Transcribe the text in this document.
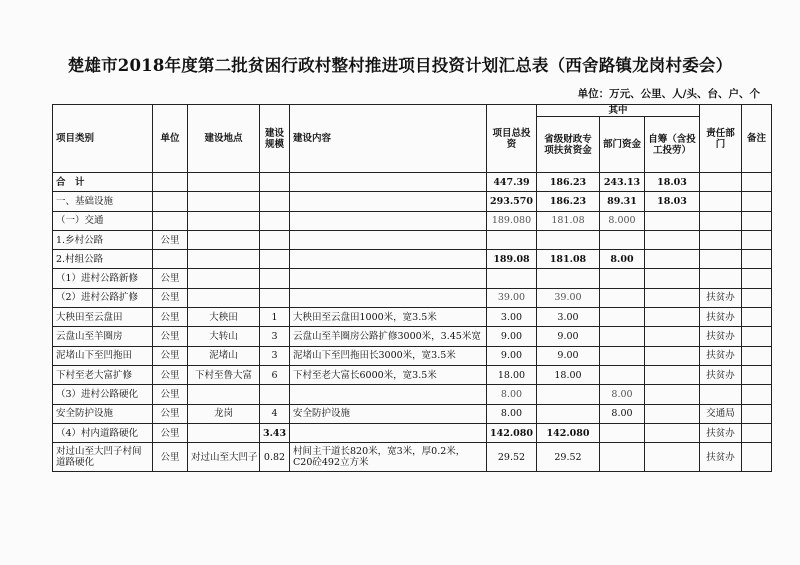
楚雄市2018年度第二批贫困行政村整村推进项目投资计划汇总表（西舍路镇龙岗村委会）
单位：万元、公里、人/头、台、户、个
项目类别	单位	建设地点	建设规模	建设内容	项目总投资	其中			责任部门	备注
						省级财政专项扶贫资金	部门资金	自筹（含投工投劳）		
合　计					447.39	186.23	243.13	18.03		
一、基础设施					293.570	186.23	89.31	18.03		
（一）交通					189.080	181.08	8.000			
1.乡村公路	公里									
2.村组公路					189.08	181.08	8.00			
（1）进村公路新修	公里									
（2）进村公路扩修	公里				39.00	39.00			扶贫办	
大秧田至云盘田	公里	大秧田	1	大秧田至云盘田1000米，宽3.5米	3.00	3.00			扶贫办	
云盘山至羊圈房	公里	大转山	3	云盘山至羊圈房公路扩修3000米，3.45米宽	9.00	9.00			扶贫办	
泥堵山下至凹拖田	公里	泥堵山	3	泥堵山下至凹拖田长3000米，宽3.5米	9.00	9.00			扶贫办	
下村至老大富扩修	公里	下村至鲁大富	6	下村至老大富长6000米，宽3.5米	18.00	18.00			扶贫办	
（3）进村公路硬化	公里				8.00		8.00			
安全防护设施	公里	龙岗	4	安全防护设施	8.00		8.00		交通局	
（4）村内道路硬化	公里		3.43		142.080	142.080			扶贫办	
对过山至大凹子村间道路硬化	公里	对过山至大凹子	0.82	村间主干道长820米，宽3米，厚0.2米，C20砼492立方米	29.52	29.52			扶贫办	
